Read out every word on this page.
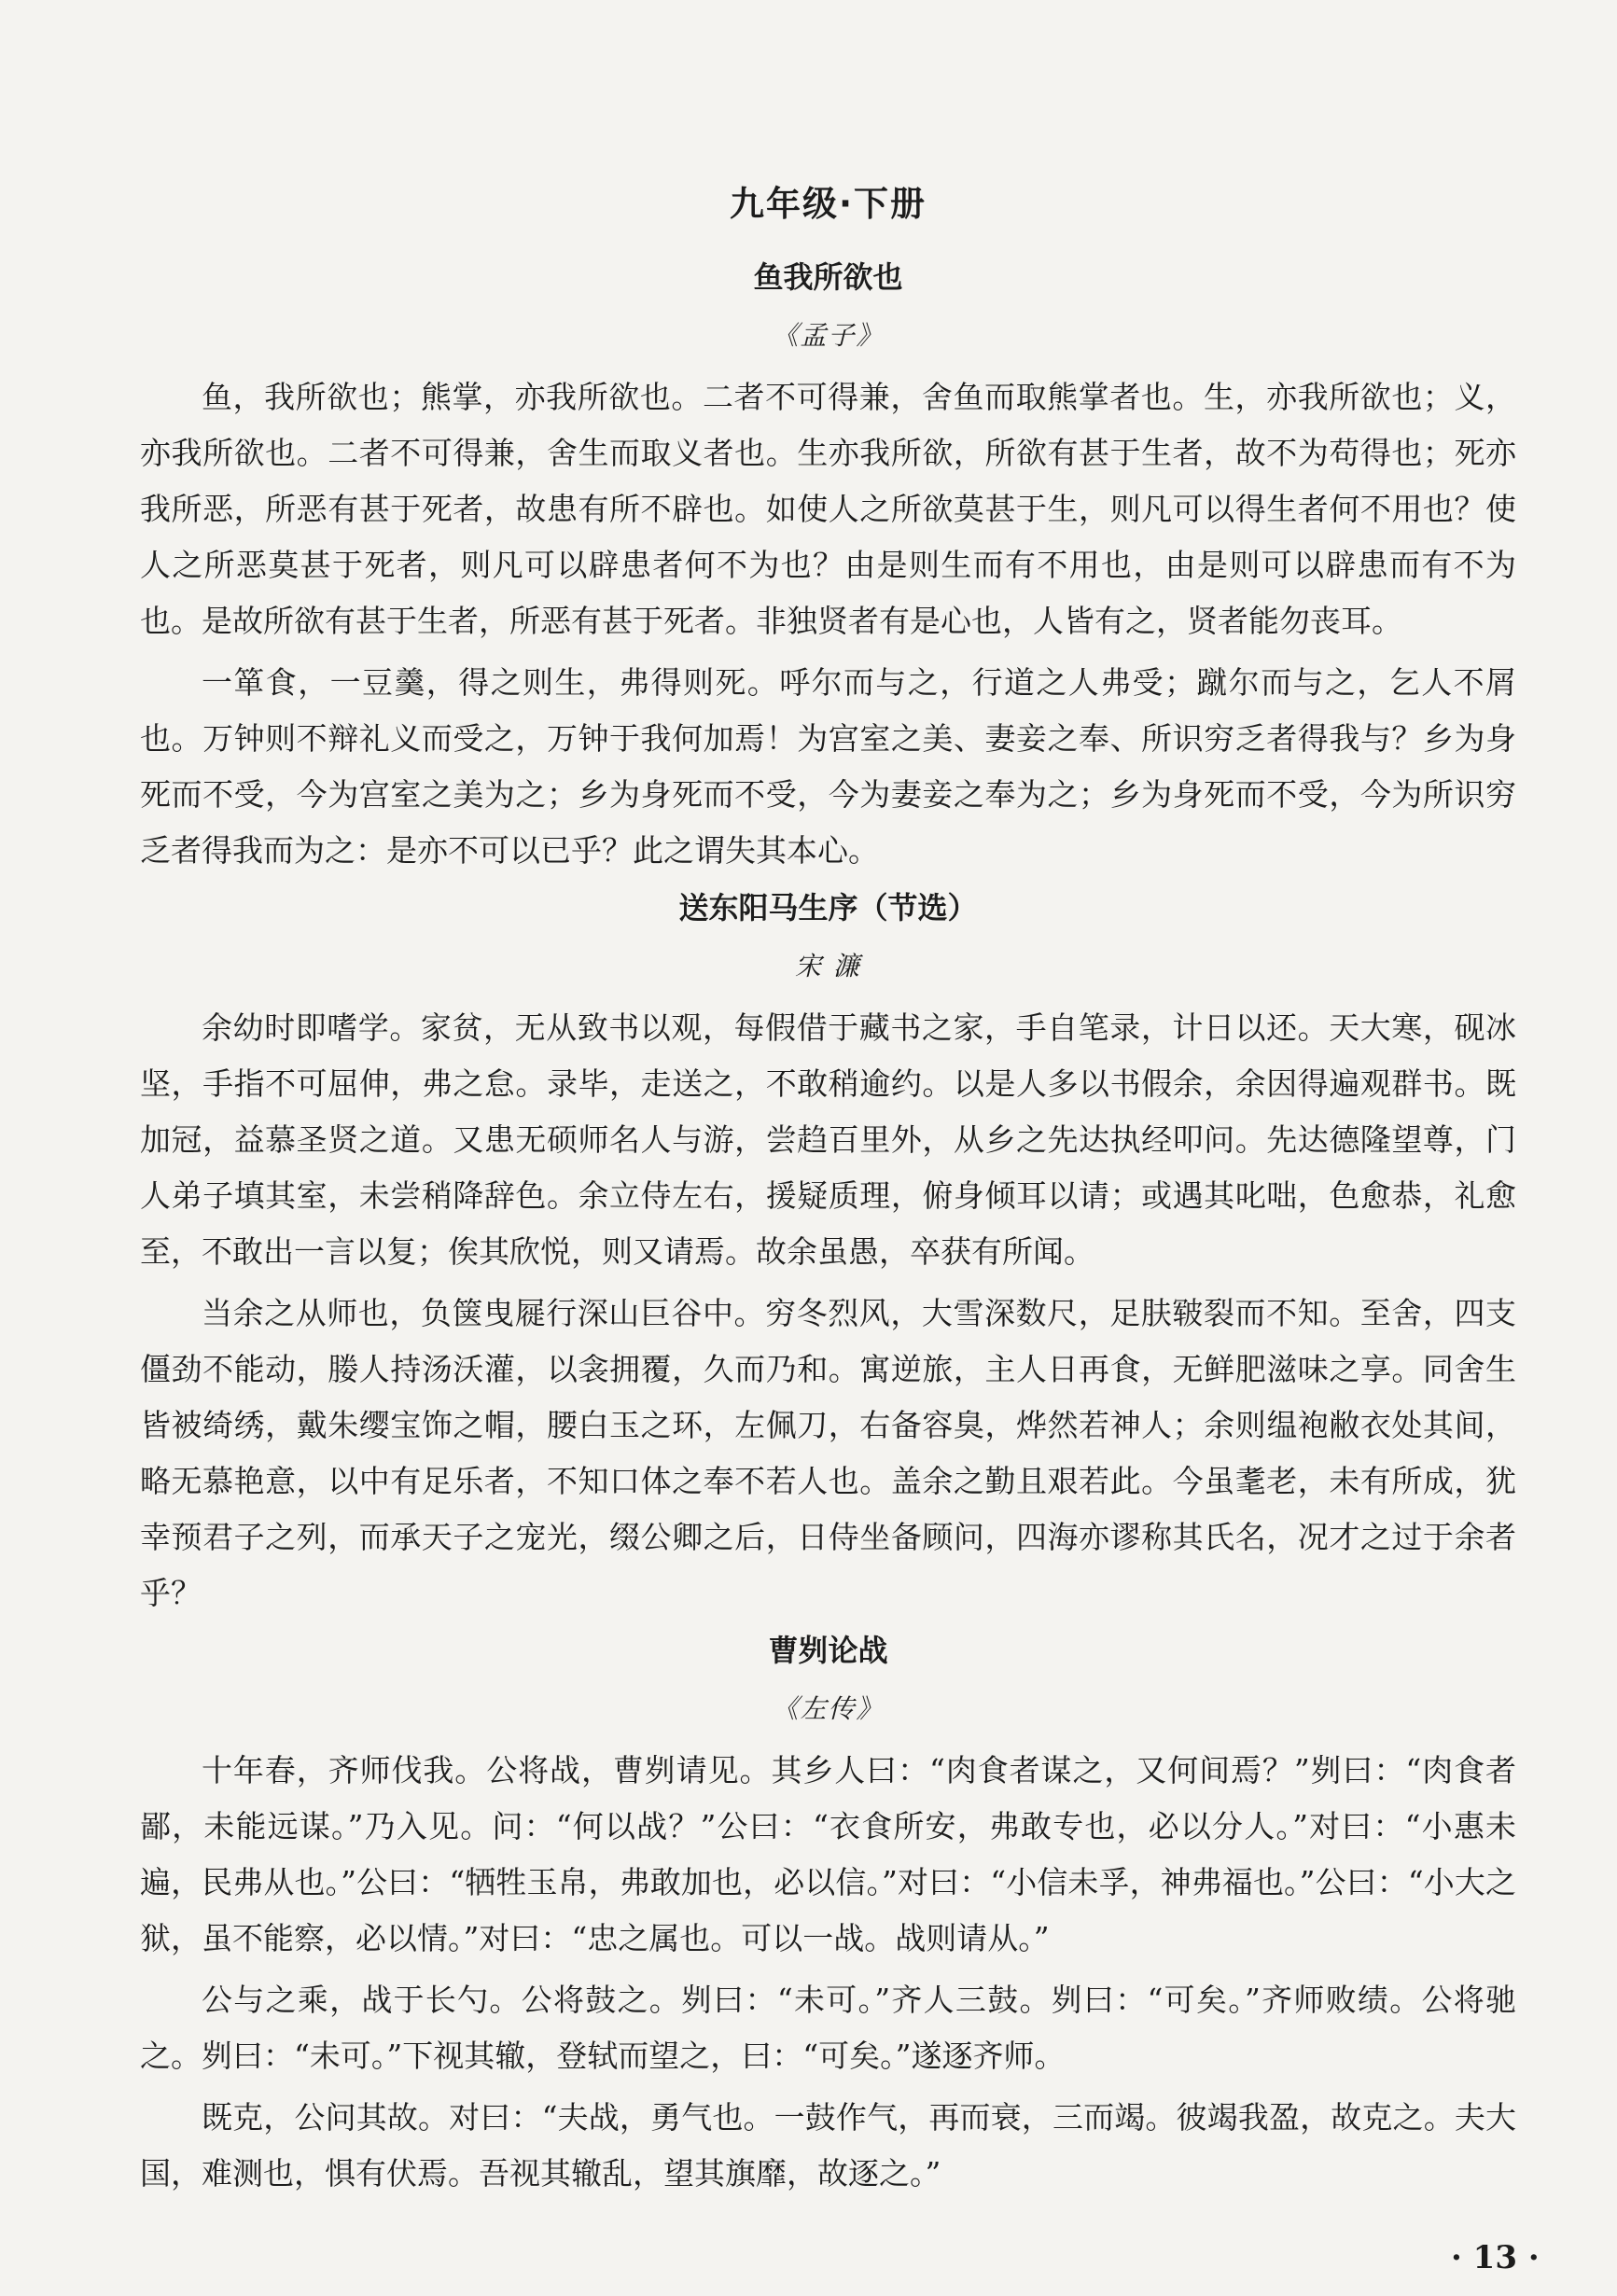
九年级·下册
鱼我所欲也
《孟子》

鱼，我所欲也；熊掌，亦我所欲也。二者不可得兼，舍鱼而取熊掌者也。生，亦我所欲也；义，亦我所欲也。二者不可得兼，舍生而取义者也。生亦我所欲，所欲有甚于生者，故不为苟得也；死亦我所恶，所恶有甚于死者，故患有所不辟也。如使人之所欲莫甚于生，则凡可以得生者何不用也？使人之所恶莫甚于死者，则凡可以辟患者何不为也？由是则生而有不用也，由是则可以辟患而有不为也。是故所欲有甚于生者，所恶有甚于死者。非独贤者有是心也，人皆有之，贤者能勿丧耳。

一箪食，一豆羹，得之则生，弗得则死。呼尔而与之，行道之人弗受；蹴尔而与之，乞人不屑也。万钟则不辩礼义而受之，万钟于我何加焉！为宫室之美、妻妾之奉、所识穷乏者得我与？乡为身死而不受，今为宫室之美为之；乡为身死而不受，今为妻妾之奉为之；乡为身死而不受，今为所识穷乏者得我而为之：是亦不可以已乎？此之谓失其本心。

送东阳马生序（节选）
宋 濂

余幼时即嗜学。家贫，无从致书以观，每假借于藏书之家，手自笔录，计日以还。天大寒，砚冰坚，手指不可屈伸，弗之怠。录毕，走送之，不敢稍逾约。以是人多以书假余，余因得遍观群书。既加冠，益慕圣贤之道。又患无硕师名人与游，尝趋百里外，从乡之先达执经叩问。先达德隆望尊，门人弟子填其室，未尝稍降辞色。余立侍左右，援疑质理，俯身倾耳以请；或遇其叱咄，色愈恭，礼愈至，不敢出一言以复；俟其欣悦，则又请焉。故余虽愚，卒获有所闻。

当余之从师也，负箧曳屣行深山巨谷中。穷冬烈风，大雪深数尺，足肤皲裂而不知。至舍，四支僵劲不能动，媵人持汤沃灌，以衾拥覆，久而乃和。寓逆旅，主人日再食，无鲜肥滋味之享。同舍生皆被绮绣，戴朱缨宝饰之帽，腰白玉之环，左佩刀，右备容臭，烨然若神人；余则缊袍敝衣处其间，略无慕艳意，以中有足乐者，不知口体之奉不若人也。盖余之勤且艰若此。今虽耄老，未有所成，犹幸预君子之列，而承天子之宠光，缀公卿之后，日侍坐备顾问，四海亦谬称其氏名，况才之过于余者乎？

曹刿论战
《左传》

十年春，齐师伐我。公将战，曹刿请见。其乡人曰：“肉食者谋之，又何间焉？”刿曰：“肉食者鄙，未能远谋。”乃入见。问：“何以战？”公曰：“衣食所安，弗敢专也，必以分人。”对曰：“小惠未遍，民弗从也。”公曰：“牺牲玉帛，弗敢加也，必以信。”对曰：“小信未孚，神弗福也。”公曰：“小大之狱，虽不能察，必以情。”对曰：“忠之属也。可以一战。战则请从。”

公与之乘，战于长勺。公将鼓之。刿曰：“未可。”齐人三鼓。刿曰：“可矣。”齐师败绩。公将驰之。刿曰：“未可。”下视其辙，登轼而望之，曰：“可矣。”遂逐齐师。

既克，公问其故。对曰：“夫战，勇气也。一鼓作气，再而衰，三而竭。彼竭我盈，故克之。夫大国，难测也，惧有伏焉。吾视其辙乱，望其旗靡，故逐之。”

· 13 ·
